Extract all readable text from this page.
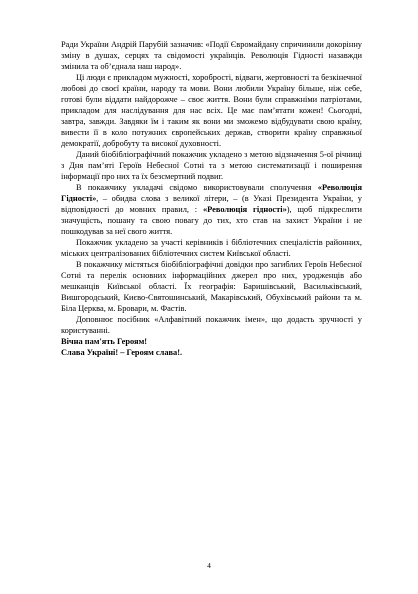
Ради України Андрій Парубій зазначив: «Події Євромайдану спричинили докорінну зміну в душах, серцях та свідомості українців. Революція Гідності назавжди змінила та об’єднала наш народ».

Ці люди є прикладом мужності, хоробрості, відваги, жертовності та безкінечної любові до своєї країни, народу та мови. Вони любили Україну більше, ніж себе, готові були віддати найдорожче – своє життя. Вони були справжніми патріотами, прикладом для наслідування для нас всіх. Це має пам’ятати кожен! Сьогодні, завтра, завжди. Завдяки їм і таким як вони ми зможемо відбудувати свою країну, вивести її в коло потужних європейських держав, створити країну справжньої демократії, добробуту та високої духовності.

Даний біобібліографічний покажчик укладено з метою відзначення 5-ої річниці з Дня пам’яті Героїв Небесної Сотні та з метою систематизації і поширення інформації про них та їх безсмертний подвиг.

В покажчику укладачі свідомо використовували сполучення «Революція Гідності», – обидва слова з великої літери, – (в Указі Президента України, у відповідності до мовних правил, : «Революція гідності»), щоб підкреслити значущість, пошану та свою повагу до тих, хто став на захист України і не пошкодував за неї свого життя.

Покажчик укладено за участі керівників і бібліотечних спеціалістів районних, міських централізованих бібліотечних систем Київської області.

В покажчику містяться біобібліографічні довідки про загиблих Героїв Небесної Сотні та перелік основних інформаційних джерел про них, уродженців або мешканців Київської області. Їх географія: Баришівський, Васильківський, Вишгородський, Києво-Святошинський, Макарівський, Обухівський райони та м. Біла Церква, м. Бровари, м. Фастів.

Доповнює посібник «Алфавітний покажчик імен», що додасть зручності у користуванні.

Вічна пам'ять Героям!

Слава Україні! – Героям слава!.

4
